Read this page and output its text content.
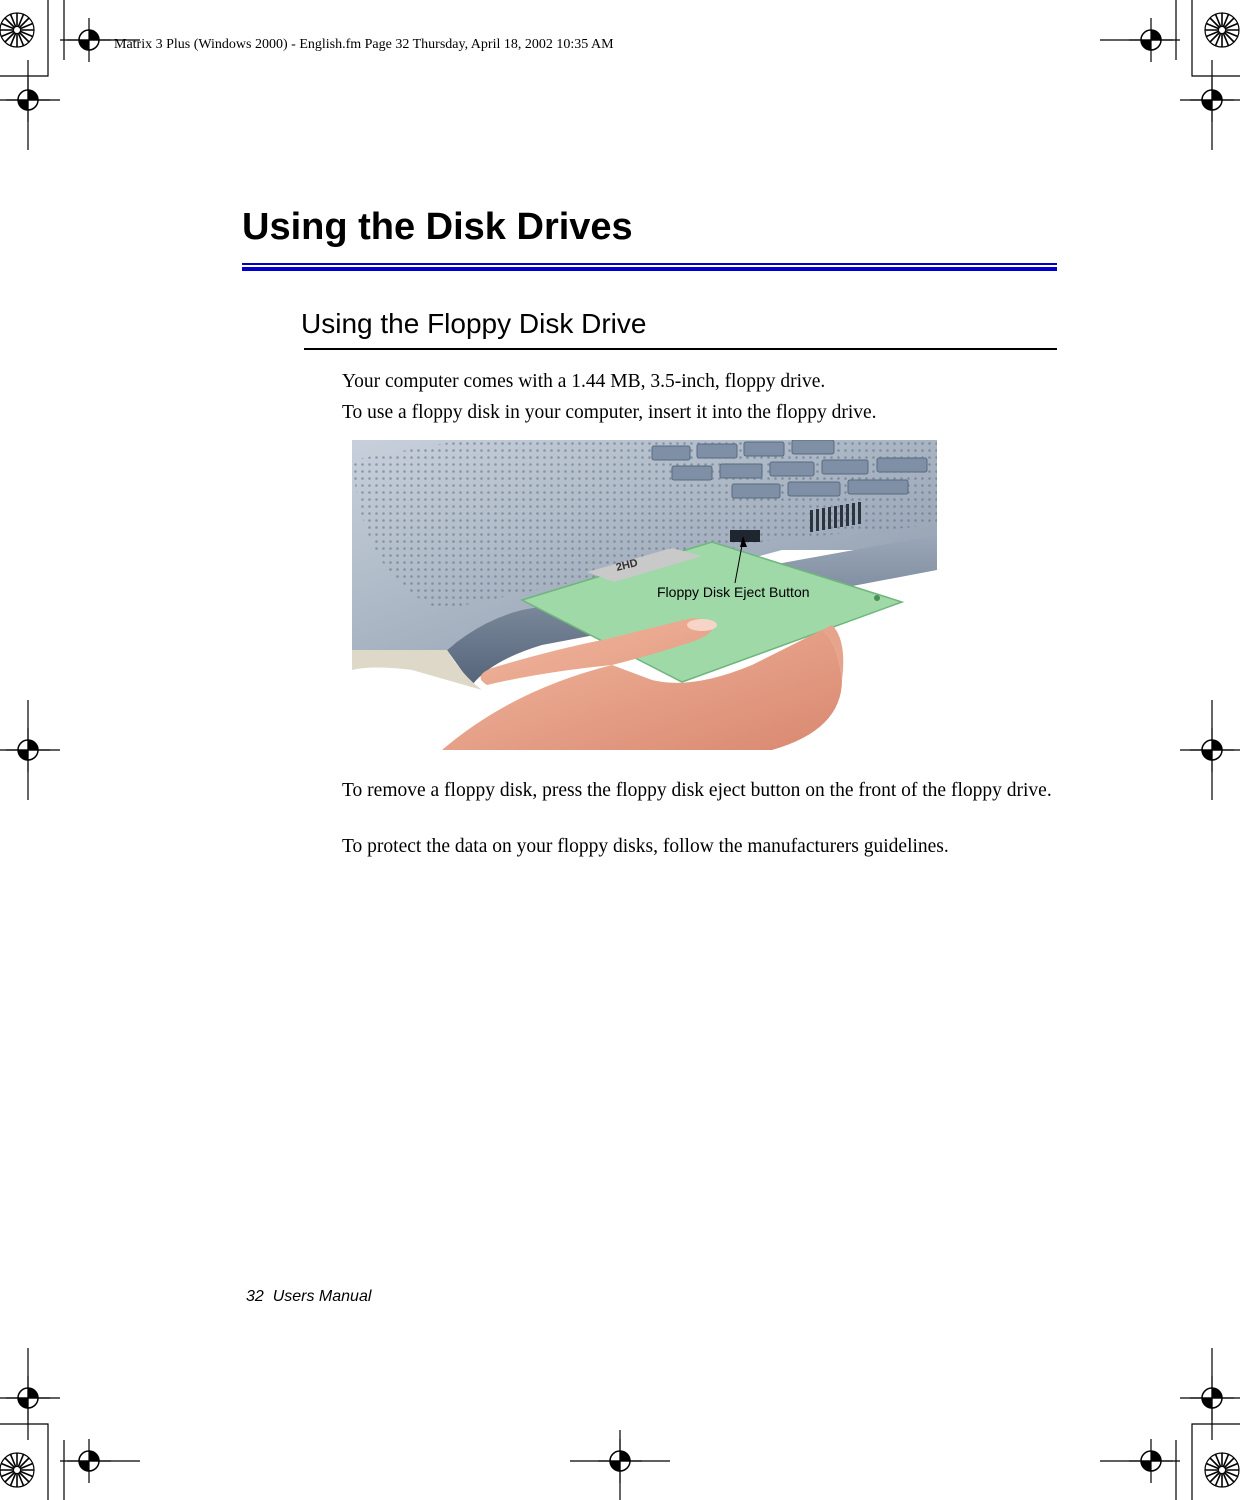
Matrix 3 Plus (Windows 2000) - English.fm Page 32 Thursday, April 18, 2002 10:35 AM
Using the Disk Drives
Using the Floppy Disk Drive

Your computer comes with a 1.44 MB, 3.5-inch, floppy drive.

To use a floppy disk in your computer, insert it into the floppy drive.

2HD
Floppy Disk Eject Button

To remove a floppy disk, press the floppy disk eject button on the front of the floppy drive.

To protect the data on your floppy disks, follow the manufacturers guidelines.

32 Users Manual
